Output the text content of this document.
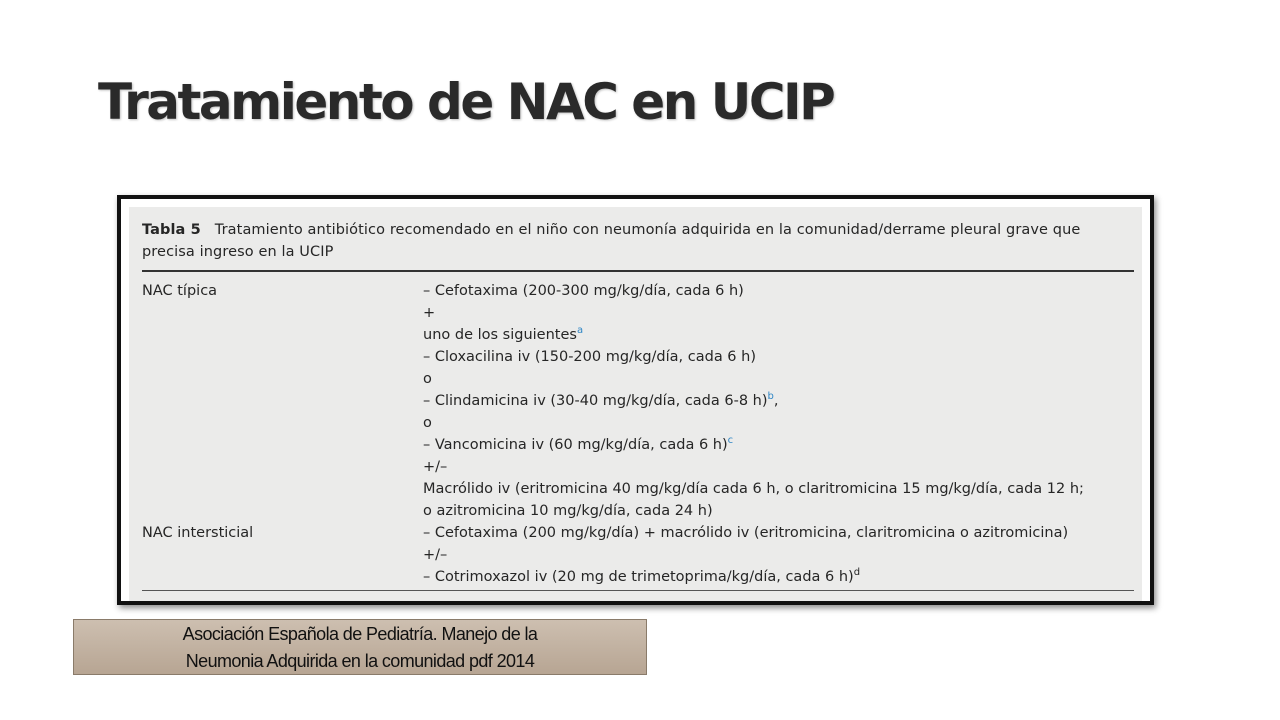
Tratamiento de NAC en UCIP
Tabla 5 Tratamiento antibiótico recomendado en el niño con neumonía adquirida en la comunidad/derrame pleural grave que precisa ingreso en la UCIP
NAC típica	– Cefotaxima (200-300 mg/kg/día, cada 6 h)
+
uno de los siguientes$^a$
– Cloxacilina iv (150-200 mg/kg/día, cada 6 h)
o
– Clindamicina iv (30-40 mg/kg/día, cada 6-8 h)$^b$,
o
– Vancomicina iv (60 mg/kg/día, cada 6 h)$^c$
+/–
Macrólido iv (eritromicina 40 mg/kg/día cada 6 h, o claritromicina 15 mg/kg/día, cada 12 h;
o azitromicina 10 mg/kg/día, cada 24 h)
NAC intersticial	– Cefotaxima (200 mg/kg/día) + macrólido iv (eritromicina, claritromicina o azitromicina)
+/–
– Cotrimoxazol iv (20 mg de trimetoprima/kg/día, cada 6 h)$^d$
Asociación Española de Pediatría. Manejo de la
Neumonia Adquirida en la comunidad pdf 2014
